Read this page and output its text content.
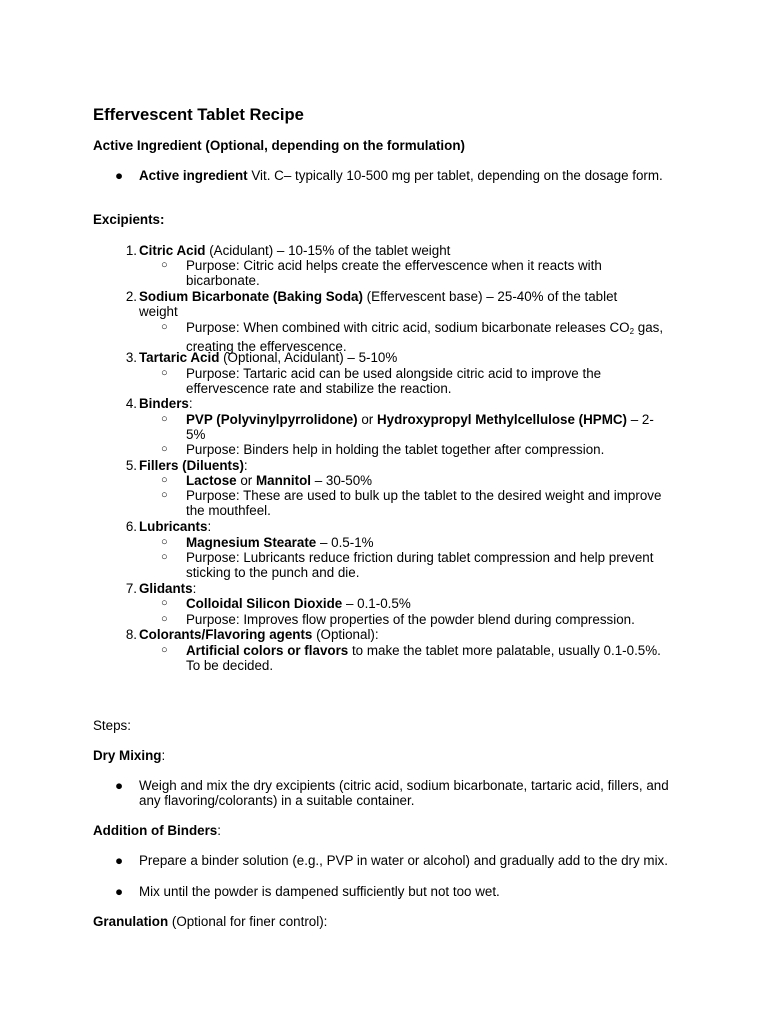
Effervescent Tablet Recipe
Active Ingredient (Optional, depending on the formulation)
● Active ingredient Vit. C– typically 10-500 mg per tablet, depending on the dosage form.
Excipients:
1. Citric Acid (Acidulant) – 10-15% of the tablet weight
○ Purpose: Citric acid helps create the effervescence when it reacts with bicarbonate.
2. Sodium Bicarbonate (Baking Soda) (Effervescent base) – 25-40% of the tablet weight
○ Purpose: When combined with citric acid, sodium bicarbonate releases $CO_2$ gas, creating the effervescence.
3. Tartaric Acid (Optional, Acidulant) – 5-10%
○ Purpose: Tartaric acid can be used alongside citric acid to improve the effervescence rate and stabilize the reaction.
4. Binders:
○ PVP (Polyvinylpyrrolidone) or Hydroxypropyl Methylcellulose (HPMC) – 2-5%
○ Purpose: Binders help in holding the tablet together after compression.
5. Fillers (Diluents):
○ Lactose or Mannitol – 30-50%
○ Purpose: These are used to bulk up the tablet to the desired weight and improve the mouthfeel.
6. Lubricants:
○ Magnesium Stearate – 0.5-1%
○ Purpose: Lubricants reduce friction during tablet compression and help prevent sticking to the punch and die.
7. Glidants:
○ Colloidal Silicon Dioxide – 0.1-0.5%
○ Purpose: Improves flow properties of the powder blend during compression.
8. Colorants/Flavoring agents (Optional):
○ Artificial colors or flavors to make the tablet more palatable, usually 0.1-0.5%. To be decided.
Steps:
Dry Mixing:
● Weigh and mix the dry excipients (citric acid, sodium bicarbonate, tartaric acid, fillers, and any flavoring/colorants) in a suitable container.
Addition of Binders:
● Prepare a binder solution (e.g., PVP in water or alcohol) and gradually add to the dry mix.
● Mix until the powder is dampened sufficiently but not too wet.
Granulation (Optional for finer control):
